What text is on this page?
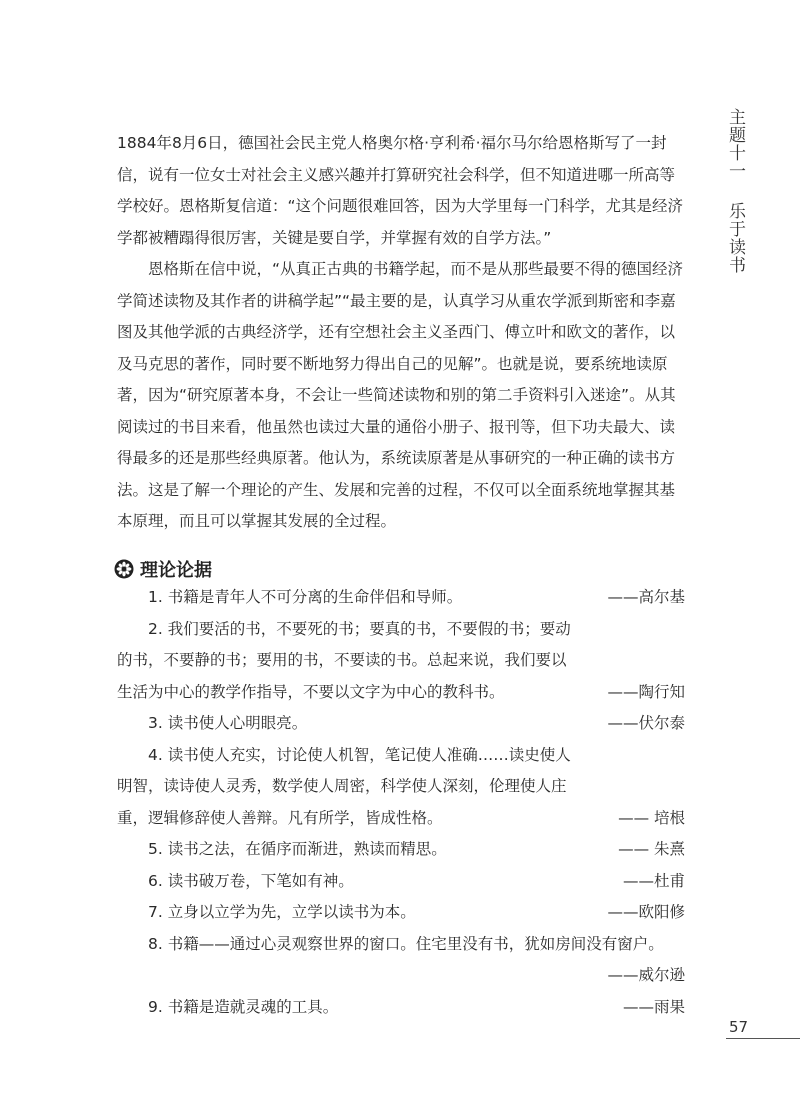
主题十一乐于读书

1884年8月6日，德国社会民主党人格奥尔格·亨利希·福尔马尔给恩格斯写了一封信，说有一位女士对社会主义感兴趣并打算研究社会科学，但不知道进哪一所高等学校好。恩格斯复信道：“这个问题很难回答，因为大学里每一门科学，尤其是经济学都被糟蹋得很厉害，关键是要自学，并掌握有效的自学方法。”

恩格斯在信中说，“从真正古典的书籍学起，而不是从那些最要不得的德国经济学简述读物及其作者的讲稿学起”“最主要的是，认真学习从重农学派到斯密和李嘉图及其他学派的古典经济学，还有空想社会主义圣西门、傅立叶和欧文的著作，以及马克思的著作，同时要不断地努力得出自己的见解”。也就是说，要系统地读原著，因为“研究原著本身，不会让一些简述读物和别的第二手资料引入迷途”。从其阅读过的书目来看，他虽然也读过大量的通俗小册子、报刊等，但下功夫最大、读得最多的还是那些经典原著。他认为，系统读原著是从事研究的一种正确的读书方法。这是了解一个理论的产生、发展和完善的过程，不仅可以全面系统地掌握其基本原理，而且可以掌握其发展的全过程。

理论论据
1. 书籍是青年人不可分离的生命伴侣和导师。	——高尔基
2. 我们要活的书，不要死的书；要真的书，不要假的书；要动的书，不要静的书；要用的书，不要读的书。总起来说，我们要以生活为中心的教学作指导，不要以文字为中心的教科书。	——陶行知
3. 读书使人心明眼亮。	——伏尔泰
4. 读书使人充实，讨论使人机智，笔记使人准确……读史使人明智，读诗使人灵秀，数学使人周密，科学使人深刻，伦理使人庄重，逻辑修辞使人善辩。凡有所学，皆成性格。	—— 培根
5. 读书之法，在循序而渐进，熟读而精思。	—— 朱熹
6. 读书破万卷，下笔如有神。	——杜甫
7. 立身以立学为先，立学以读书为本。	——欧阳修
8. 书籍——通过心灵观察世界的窗口。住宅里没有书，犹如房间没有窗户。
——威尔逊
9. 书籍是造就灵魂的工具。	——雨果
57
